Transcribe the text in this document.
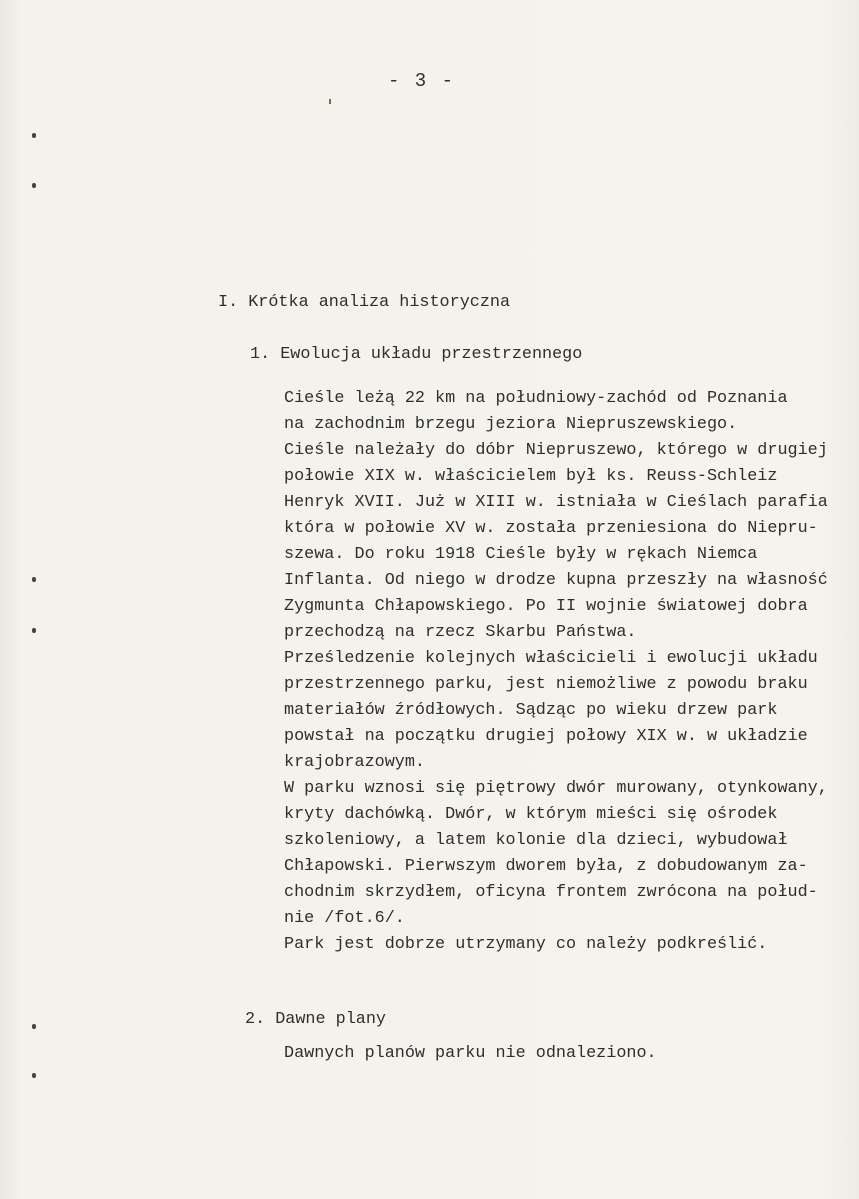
- 3 -
I. Krótka analiza historyczna
1. Ewolucja układu przestrzennego
Cieśle leżą 22 km na południowy-zachód od Poznania
na zachodnim brzegu jeziora Niepruszewskiego.
Cieśle należały do dóbr Niepruszewo, którego w drugiej
połowie XIX w. właścicielem był ks. Reuss-Schleiz
Henryk XVII. Już w XIII w. istniała w Cieślach parafia
która w połowie XV w. została przeniesiona do Niepru-
szewa. Do roku 1918 Cieśle były w rękach Niemca
Inflanta. Od niego w drodze kupna przeszły na własność
Zygmunta Chłapowskiego. Po II wojnie światowej dobra
przechodzą na rzecz Skarbu Państwa.
Prześledzenie kolejnych właścicieli i ewolucji układu
przestrzennego parku, jest niemożliwe z powodu braku
materiałów źródłowych. Sądząc po wieku drzew park
powstał na początku drugiej połowy XIX w. w układzie
krajobrazowym.
W parku wznosi się piętrowy dwór murowany, otynkowany,
kryty dachówką. Dwór, w którym mieści się ośrodek
szkoleniowy, a latem kolonie dla dzieci, wybudował
Chłapowski. Pierwszym dworem była, z dobudowanym za-
chodnim skrzydłem, oficyna frontem zwrócona na połud-
nie /fot.6/.
Park jest dobrze utrzymany co należy podkreślić.
2. Dawne plany
Dawnych planów parku nie odnaleziono.
